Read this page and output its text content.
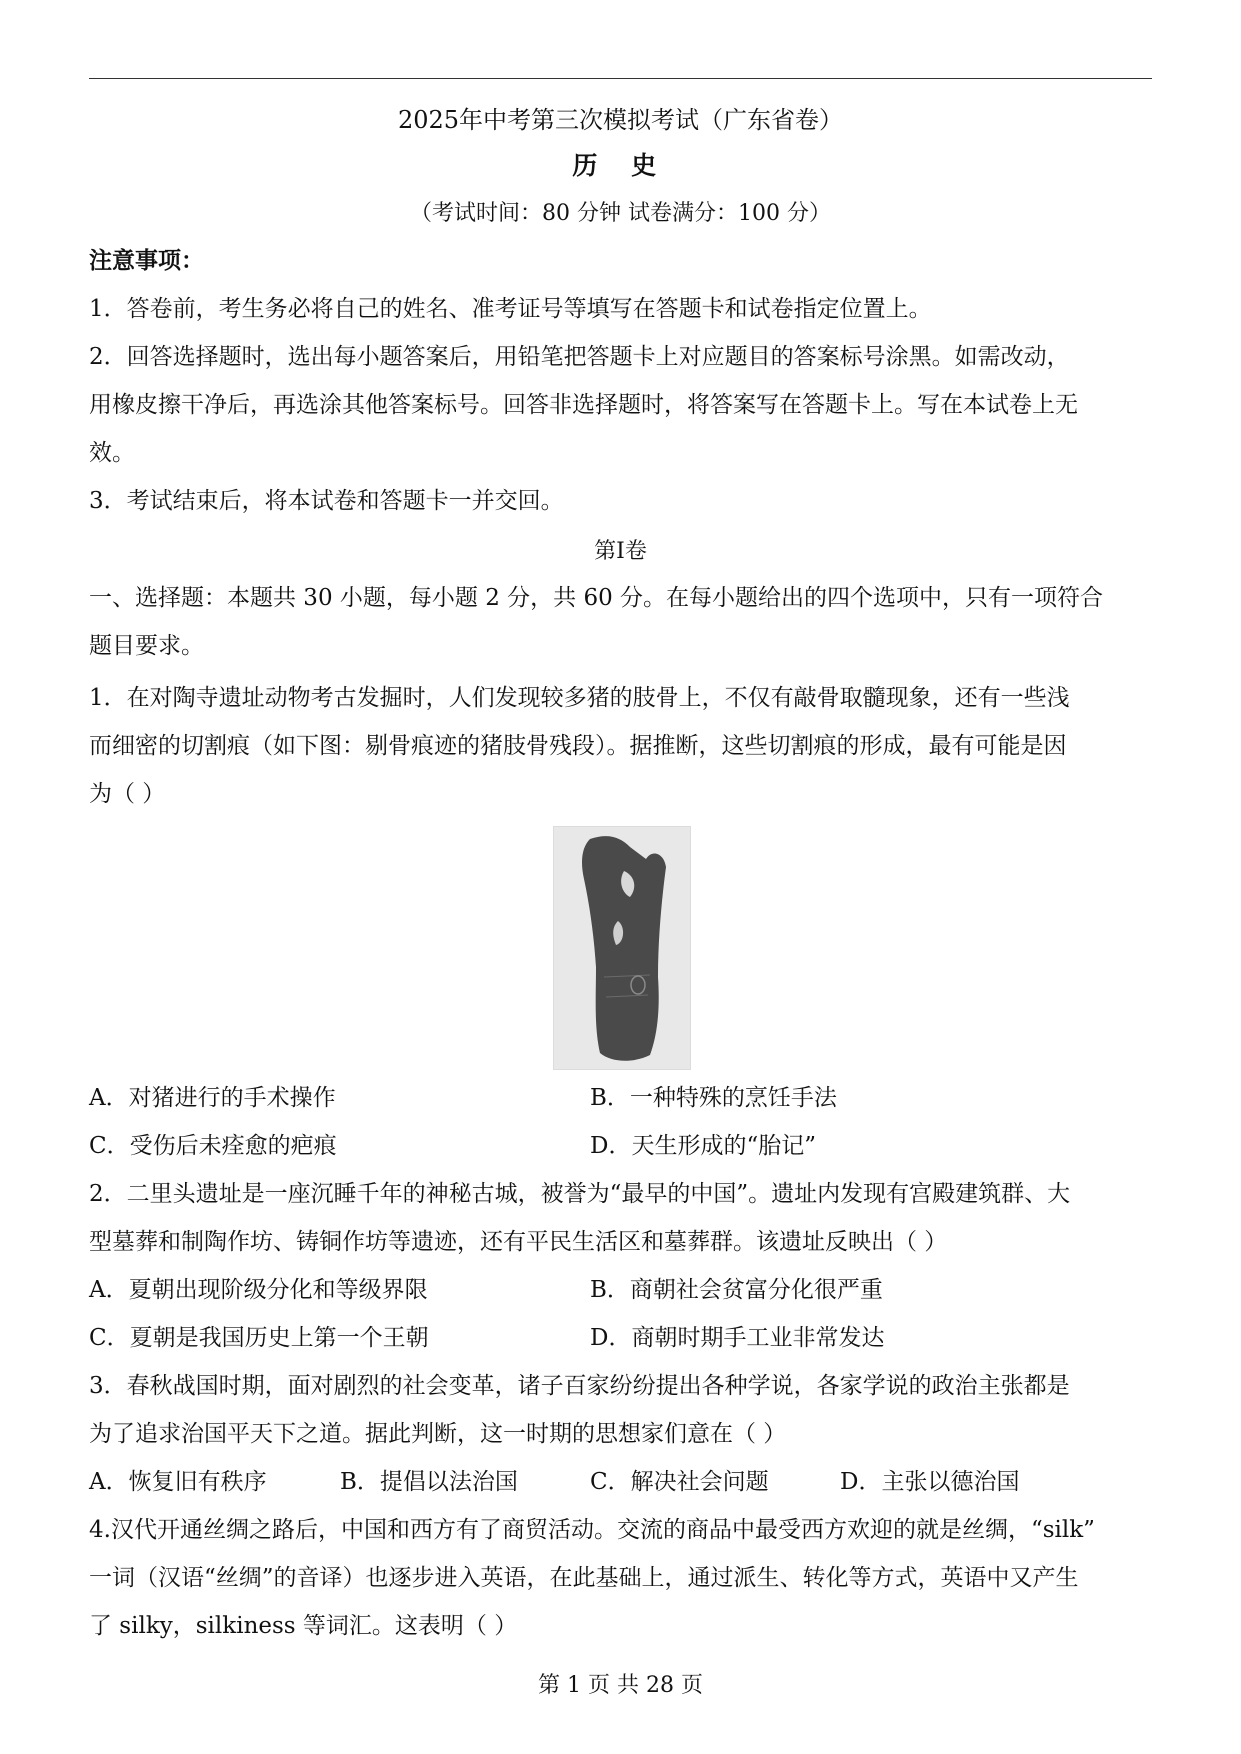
2025年中考第三次模拟考试（广东省卷）
历 史
（考试时间：80 分钟 试卷满分：100 分）
注意事项：
1．答卷前，考生务必将自己的姓名、准考证号等填写在答题卡和试卷指定位置上。
2．回答选择题时，选出每小题答案后，用铅笔把答题卡上对应题目的答案标号涂黑。如需改动，
用橡皮擦干净后，再选涂其他答案标号。回答非选择题时，将答案写在答题卡上。写在本试卷上无
效。
3．考试结束后，将本试卷和答题卡一并交回。
第Ⅰ卷
一、选择题：本题共 30 小题，每小题 2 分，共 60 分。在每小题给出的四个选项中，只有一项符合
题目要求。
1．在对陶寺遗址动物考古发掘时，人们发现较多猪的肢骨上，不仅有敲骨取髓现象，还有一些浅
而细密的切割痕（如下图：剔骨痕迹的猪肢骨残段）。据推断，这些切割痕的形成，最有可能是因
为（ ）
A．对猪进行的手术操作	B．一种特殊的烹饪手法
C．受伤后未痊愈的疤痕	D．天生形成的“胎记”
2．二里头遗址是一座沉睡千年的神秘古城，被誉为“最早的中国”。遗址内发现有宫殿建筑群、大
型墓葬和制陶作坊、铸铜作坊等遗迹，还有平民生活区和墓葬群。该遗址反映出（ ）
A．夏朝出现阶级分化和等级界限	B．商朝社会贫富分化很严重
C．夏朝是我国历史上第一个王朝	D．商朝时期手工业非常发达
3．春秋战国时期，面对剧烈的社会变革，诸子百家纷纷提出各种学说，各家学说的政治主张都是
为了追求治国平天下之道。据此判断，这一时期的思想家们意在（ ）
A．恢复旧有秩序	B．提倡以法治国	C．解决社会问题	D．主张以德治国
4.汉代开通丝绸之路后，中国和西方有了商贸活动。交流的商品中最受西方欢迎的就是丝绸，“silk”
一词（汉语“丝绸”的音译）也逐步进入英语，在此基础上，通过派生、转化等方式，英语中又产生
了 silky，silkiness 等词汇。这表明（ ）
第 1 页 共 28 页
